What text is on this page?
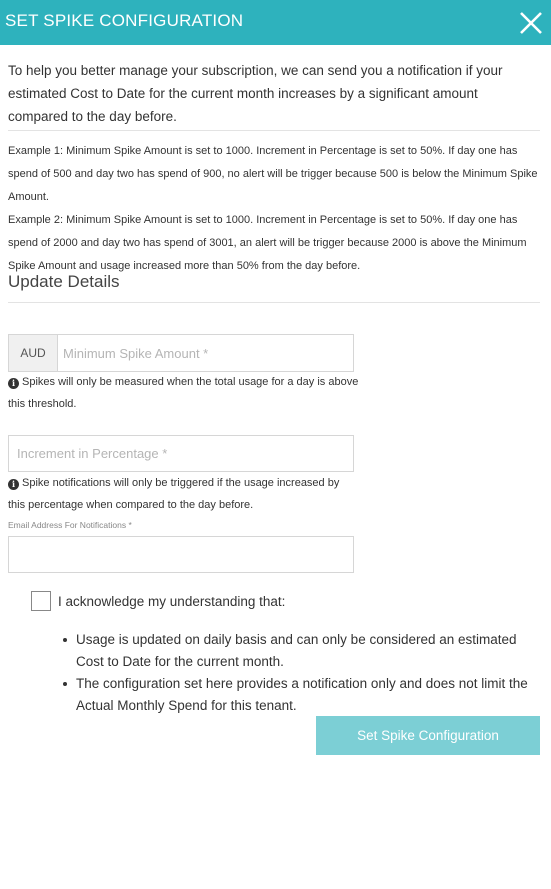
SET SPIKE CONFIGURATION
To help you better manage your subscription, we can send you a notification if your estimated Cost to Date for the current month increases by a significant amount compared to the day before.
Example 1: Minimum Spike Amount is set to 1000. Increment in Percentage is set to 50%. If day one has spend of 500 and day two has spend of 900, no alert will be trigger because 500 is below the Minimum Spike Amount.
Example 2: Minimum Spike Amount is set to 1000. Increment in Percentage is set to 50%. If day one has spend of 2000 and day two has spend of 3001, an alert will be trigger because 2000 is above the Minimum Spike Amount and usage increased more than 50% from the day before.
Update Details
AUD
Minimum Spike Amount *
i Spikes will only be measured when the total usage for a day is above this threshold.
Increment in Percentage *
i Spike notifications will only be triggered if the usage increased by this percentage when compared to the day before.
Email Address For Notifications *
I acknowledge my understanding that:
Usage is updated on daily basis and can only be considered an estimated Cost to Date for the current month.
The configuration set here provides a notification only and does not limit the Actual Monthly Spend for this tenant.
Set Spike Configuration
